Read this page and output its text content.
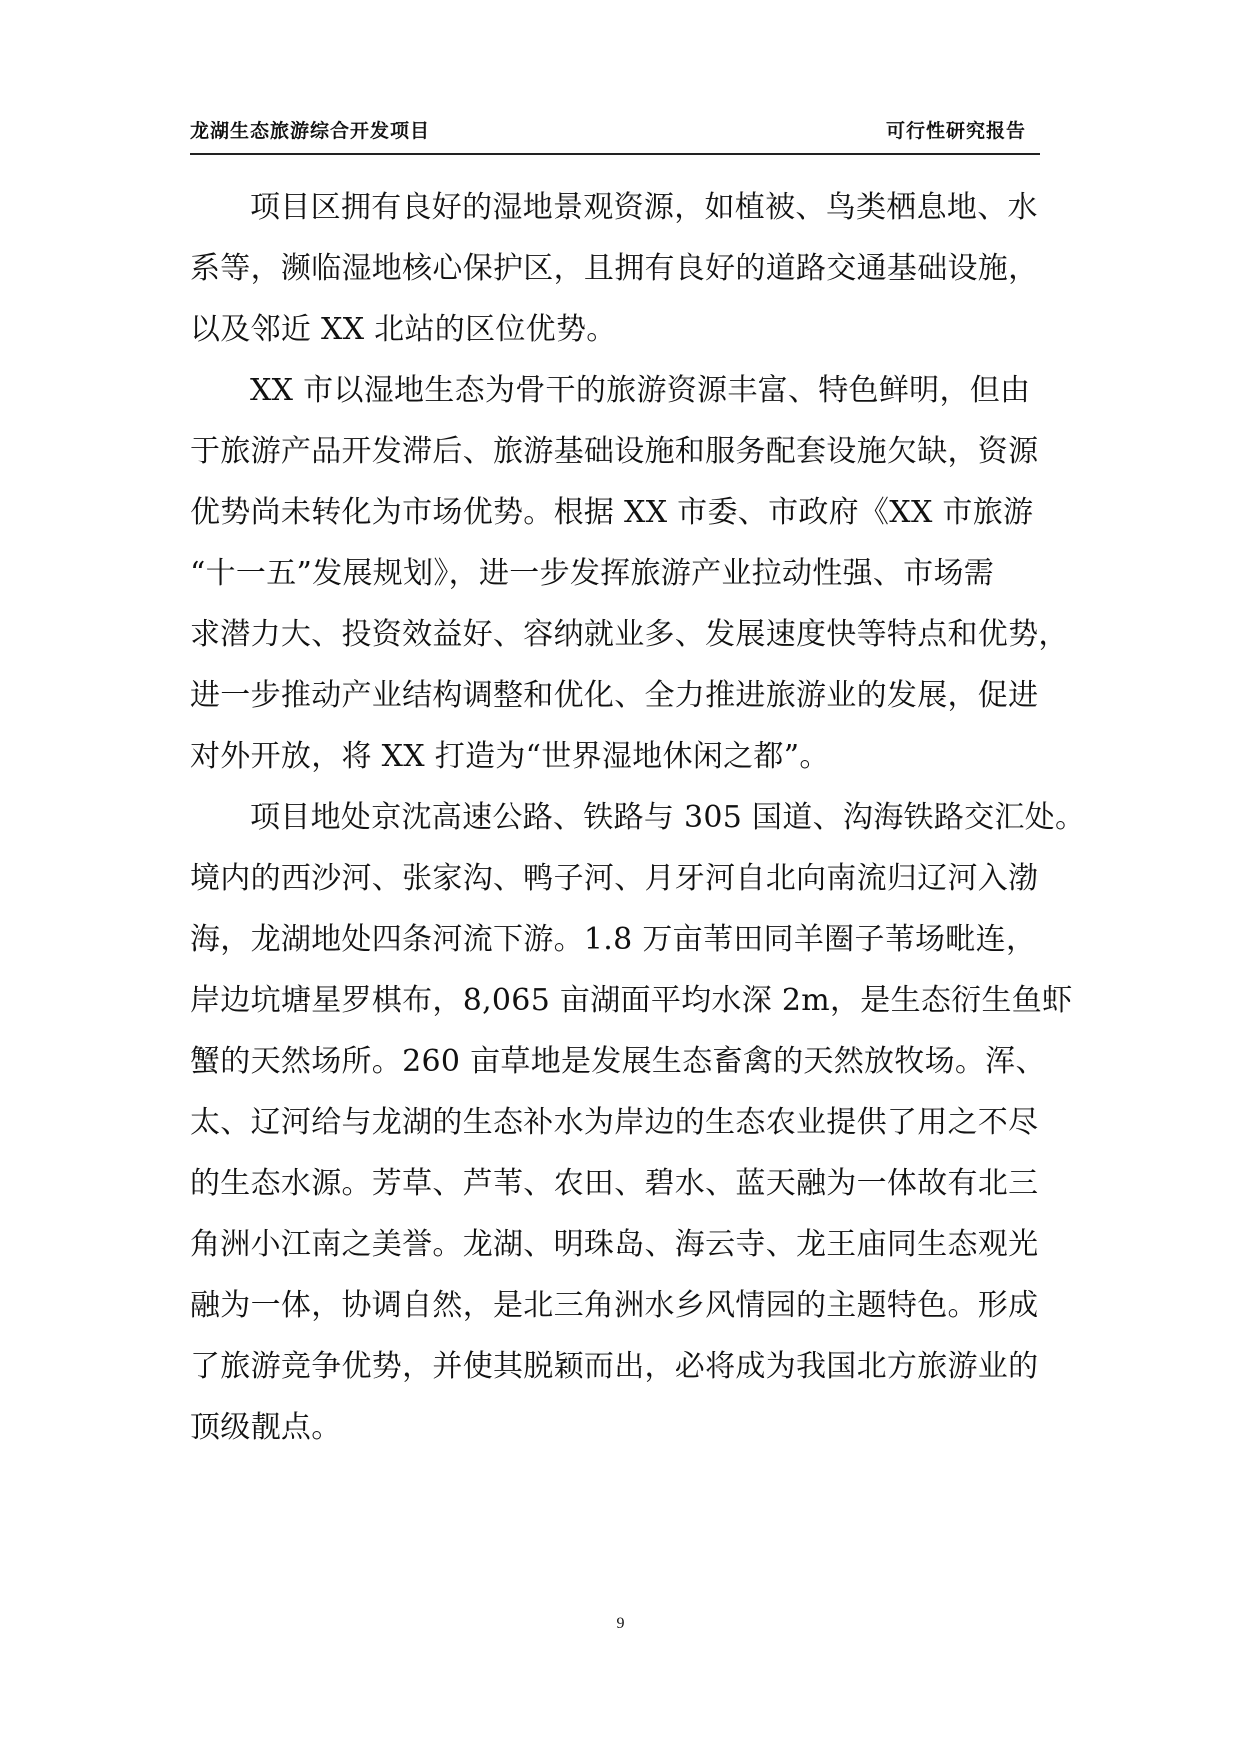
龙湖生态旅游综合开发项目	可行性研究报告

项目区拥有良好的湿地景观资源，如植被、鸟类栖息地、水
系等，濒临湿地核心保护区，且拥有良好的道路交通基础设施，
以及邻近 XX 北站的区位优势。

XX 市以湿地生态为骨干的旅游资源丰富、特色鲜明，但由
于旅游产品开发滞后、旅游基础设施和服务配套设施欠缺，资源
优势尚未转化为市场优势。根据 XX 市委、市政府《XX 市旅游
“十一五”发展规划》，进一步发挥旅游产业拉动性强、市场需
求潜力大、投资效益好、容纳就业多、发展速度快等特点和优势，
进一步推动产业结构调整和优化、全力推进旅游业的发展，促进
对外开放，将 XX 打造为“世界湿地休闲之都”。

项目地处京沈高速公路、铁路与 305 国道、沟海铁路交汇处。
境内的西沙河、张家沟、鸭子河、月牙河自北向南流归辽河入渤
海，龙湖地处四条河流下游。1.8 万亩苇田同羊圈子苇场毗连，
岸边坑塘星罗棋布，8,065 亩湖面平均水深 2m，是生态衍生鱼虾
蟹的天然场所。260 亩草地是发展生态畜禽的天然放牧场。浑、
太、辽河给与龙湖的生态补水为岸边的生态农业提供了用之不尽
的生态水源。芳草、芦苇、农田、碧水、蓝天融为一体故有北三
角洲小江南之美誉。龙湖、明珠岛、海云寺、龙王庙同生态观光
融为一体，协调自然，是北三角洲水乡风情园的主题特色。形成
了旅游竞争优势，并使其脱颖而出，必将成为我国北方旅游业的
顶级靓点。

9
